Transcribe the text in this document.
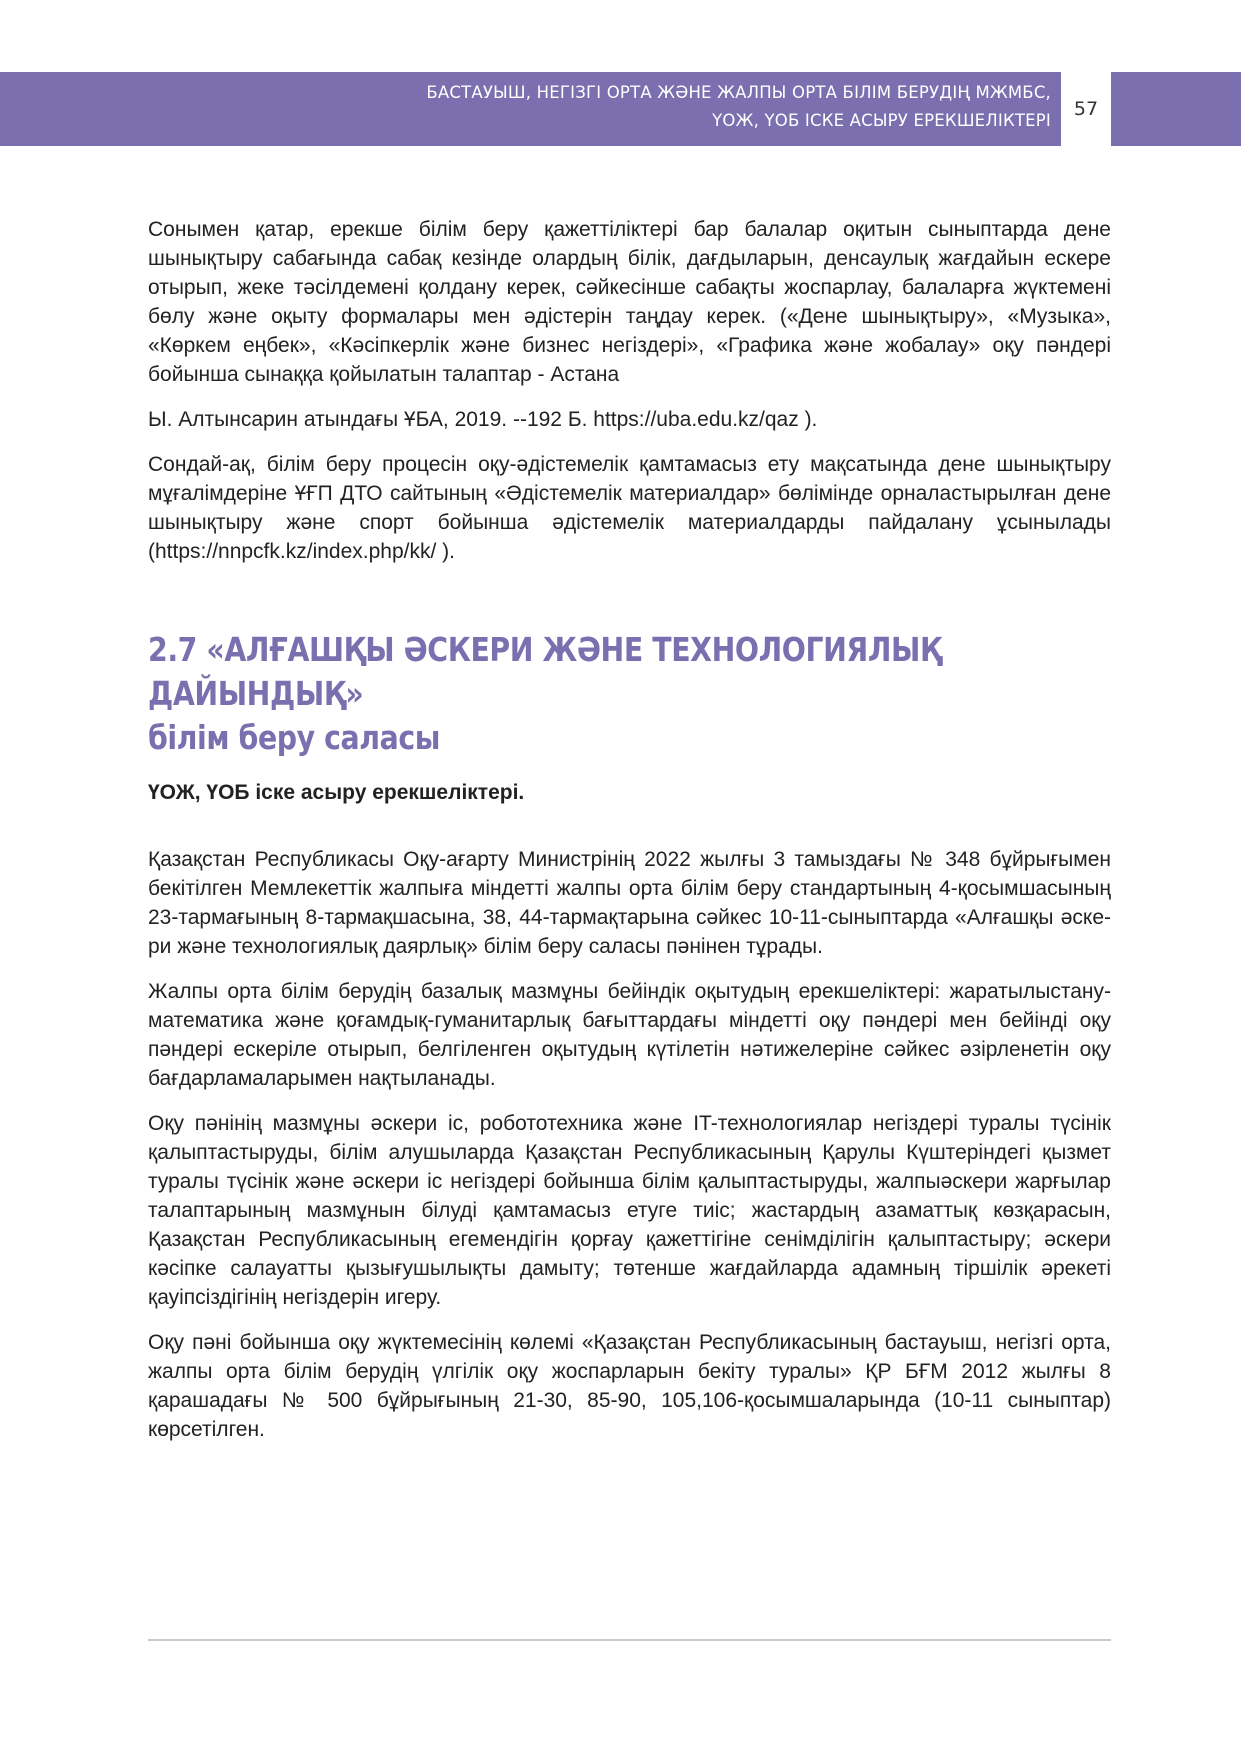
БАСТАУЫШ, НЕГІЗГІ ОРТА ЖӘНЕ ЖАЛПЫ ОРТА БІЛІМ БЕРУДІҢ МЖМБС,
ҮОЖ, ҮОБ ІСКЕ АСЫРУ ЕРЕКШЕЛІКТЕРІ
57

Сонымен қатар, ерекше білім беру қажеттіліктері бар балалар оқитын сыныптарда дене шынықтыру сабағында сабақ кезінде олардың білік, дағдыларын, денсаулық жағдайын ескере отырып, жеке тәсілдемені қолдану керек, сәйкесінше сабақты жоспарлау, балаларға жүктемені бөлу және оқыту формалары мен әдістерін таңдау керек. («Дене шынықтыру», «Музыка», «Көркем еңбек», «Кәсіпкерлік және бизнес негіздері», «Графика және жобалау» оқу пәндері бойынша сынаққа қойылатын талаптар - Астана

Ы. Алтынсарин атындағы ҰБА, 2019. --192 Б. https://uba.edu.kz/qaz ).

Сондай-ақ, білім беру процесін оқу-әдістемелік қамтамасыз ету мақсатында дене шынықтыру мұғалімдеріне ҰҒП ДТО сайтының «Әдістемелік материалдар» бөлімінде орналастырылған дене шынықтыру және спорт бойынша әдістемелік материалдарды пайдалану ұсынылады (https://nnpcfk.kz/index.php/kk/ ).

2.7 «АЛҒАШҚЫ ӘСКЕРИ ЖӘНЕ ТЕХНОЛОГИЯЛЫҚ ДАЙЫНДЫҚ»
білім беру саласы
ҮОЖ, ҮОБ іске асыру ерекшеліктері.

Қазақстан Республикасы Оқу-ағарту Министрінің 2022 жылғы 3 тамыздағы № 348 бұйрығымен бекітілген Мемлекеттік жалпыға міндетті жалпы орта білім беру стандартының 4-қосымшасының 23-тармағының 8-тармақшасына, 38, 44-тармақтарына сәйкес 10-11-сыныптарда «Алғашқы әскери және технологиялық даярлық» білім беру саласы пәнінен тұрады.

Жалпы орта білім берудің базалық мазмұны бейіндік оқытудың ерекшеліктері: жаратылыстану-математика және қоғамдық-гуманитарлық бағыттардағы міндетті оқу пәндері мен бейінді оқу пәндері ескеріле отырып, белгіленген оқытудың күтілетін нәтижелеріне сәйкес әзірленетін оқу бағдарламаларымен нақтыланады.

Оқу пәнінің мазмұны әскери іс, робототехника және IT-технологиялар негіздері туралы түсінік қалыптастыруды, білім алушыларда Қазақстан Республикасының Қарулы Күштеріндегі қызмет туралы түсінік және әскери іс негіздері бойынша білім қалыптастыруды, жалпыәскери жарғылар талаптарының мазмұнын білуді қамтамасыз етуге тиіс; жастардың азаматтық көзқарасын, Қазақстан Республикасының егемендігін қорғау қажеттігіне сенімділігін қалыптастыру; әскери кәсіпке салауатты қызығушылықты дамыту; төтенше жағдайларда адамның тіршілік әрекеті қауіпсіздігінің негіздерін игеру.

Оқу пәні бойынша оқу жүктемесінің көлемі «Қазақстан Республикасының бастауыш, негізгі орта, жалпы орта білім берудің үлгілік оқу жоспарларын бекіту туралы» ҚР БҒМ 2012 жылғы 8 қарашадағы № 500 бұйрығының 21-30, 85-90, 105,106-қосымшаларында (10-11 сыныптар) көрсетілген.
